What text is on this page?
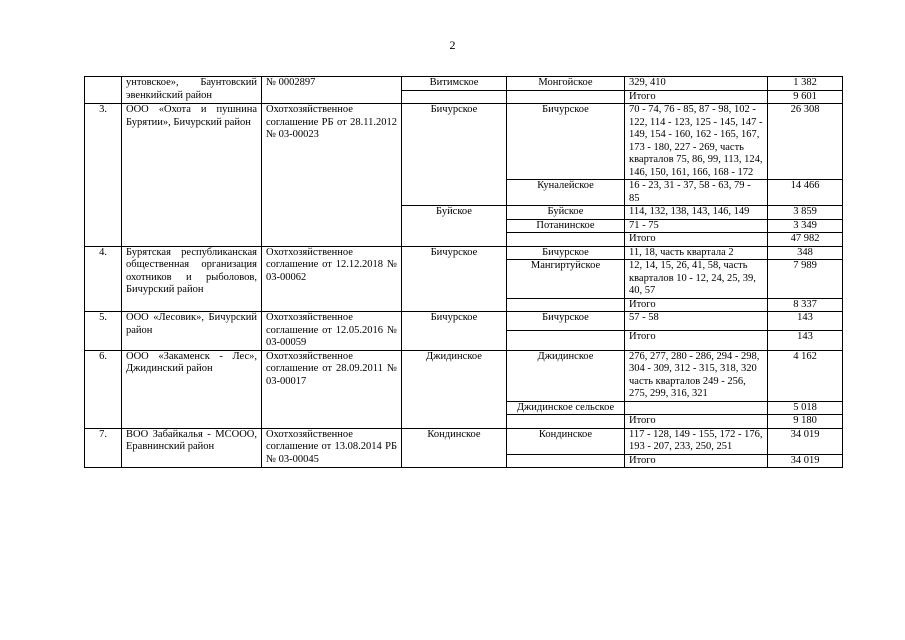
2
	унтовское», Баунтовский эвенкийский район	№ 0002897	Витимское	Монгойское	329, 410	1 382
					Итого	9 601
3.	ООО «Охота и пушнина Бурятии», Бичурский район	Охотхозяйственное соглашение РБ от 28.11.2012 № 03-00023	Бичурское	Бичурское	70 - 74, 76 - 85, 87 - 98, 102 - 122, 114 - 123, 125 - 145, 147 - 149, 154 - 160, 162 - 165, 167, 173 - 180, 227 - 269, часть кварталов 75, 86, 99, 113, 124, 146, 150, 161, 166, 168 - 172	26 308
				Куналейское	16 - 23, 31 - 37, 58 - 63, 79 - 85	14 466
			Буйское	Буйское	114, 132, 138, 143, 146, 149	3 859
				Потанинское	71 - 75	3 349
					Итого	47 982
4.	Бурятская республиканская общественная организация охотников и рыболовов, Бичурский район	Охотхозяйственное соглашение от 12.12.2018 № 03-00062	Бичурское	Бичурское	11, 18, часть квартала 2	348
				Мангиртуйское	12, 14, 15, 26, 41, 58, часть кварталов 10 - 12, 24, 25, 39, 40, 57	7 989
					Итого	8 337
5.	ООО «Лесовик», Бичурский район	Охотхозяйственное соглашение от 12.05.2016 № 03-00059	Бичурское	Бичурское	57 - 58	143
					Итого	143
6.	ООО «Закаменск - Лес», Джидинский район	Охотхозяйственное соглашение от 28.09.2011 № 03-00017	Джидинское	Джидинское	276, 277, 280 - 286, 294 - 298, 304 - 309, 312 - 315, 318, 320 часть кварталов 249 - 256, 275, 299, 316, 321	4 162
				Джидинское сельское		5 018
					Итого	9 180
7.	ВОО Забайкалья - МСООО, Еравнинский район	Охотхозяйственное соглашение от 13.08.2014 РБ № 03-00045	Кондинское	Кондинское	117 - 128, 149 - 155, 172 - 176, 193 - 207, 233, 250, 251	34 019
					Итого	34 019
